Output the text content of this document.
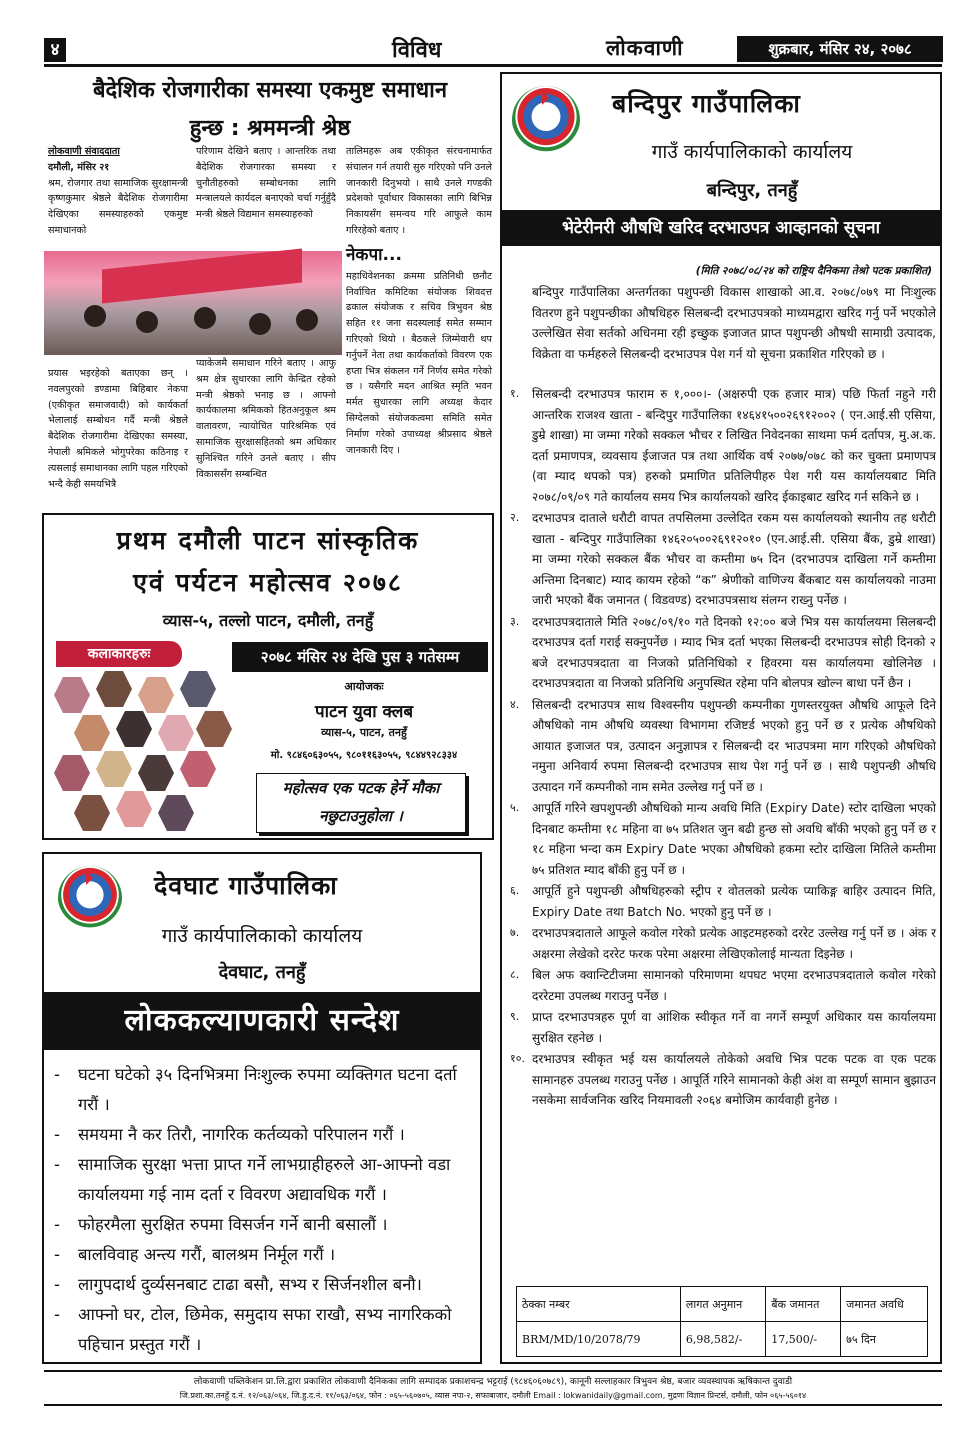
४	विविध	लोकवाणी	शुक्रबार, मंसिर २४, २०७८
बैदेशिक रोजगारीका समस्या एकमुष्ट समाधान
हुन्छ : श्रममन्त्री श्रेष्ठ
लोकवाणी संवाददाता
दमौली, मंसिर २१
श्रम, रोजगार तथा सामाजिक सुरक्षामन्त्री कृष्णकुमार श्रेष्ठले बैदेशिक रोजगारीमा देखिएका समस्याहरुको एकमुष्ट समाधानको
परिणाम देखिने बताए । आन्तरिक तथा बैदेशिक रोजगारका समस्या र चुनौतीहरुको सम्बोधनका लागि मन्त्रालयले कार्यदल बनाएको चर्चा गर्नुहुँदै मन्त्री श्रेष्ठले विद्यमान समस्याहरुको
तालिमहरू अब एकीकृत संरचनामार्फत संचालन गर्न तयारी सुरु गरिएको पनि उनले जानकारी दिनुभयो । साथै उनले गण्डकी प्रदेशको पूर्वाधार विकासका लागि बिभिन्न निकायसँग समन्वय गरि आफुले काम गरिरहेको बताए ।
नेकपा...
महाधिवेशनका क्रममा प्रतिनिधी छनौट निर्वाचित कमिटिका संयोजक शिवदत्त ढकाल संयोजक र सचिव त्रिभुवन श्रेष्ठ सहित ११ जना सदस्यलाई समेत सम्मान गरिएको थियो । बैठकले जिम्मेवारी थप गर्नुपर्ने नेता तथा कार्यकर्ताको विवरण एक हप्ता भित्र संकलन गर्ने निर्णय समेत गरेको छ । यसैगरि मदन आश्रित स्मृति भवन मर्मत सुधारका लागि अध्यक्ष केदार सिग्देलको संयोजकत्वमा समिति समेत निर्माण गरेको उपाध्यक्ष श्रीप्रसाद श्रेष्ठले जानकारी दिए ।
प्रयास भइरहेको बताएका छन् । नवलपुरको डण्डामा बिहिबार नेकपा (एकीकृत समाजवादी) को कार्यकर्ता भेलालाई सम्बोधन गर्दै मन्त्री श्रेष्ठले बैदेशिक रोजगारीमा देखिएका समस्या, नेपाली श्रमिकले भोगुपरेका कठिनाइ र त्यसलाई समाधानका लागि पहल गरिएको भन्दै केही समयभित्रै
प्याकेजमै समाधान गरिने बताए । आफु श्रम क्षेत्र सुधारका लागि केन्द्रित रहेको मन्त्री श्रेष्ठको भनाइ छ । आफ्नो कार्यकालमा श्रमिकको हितअनुकूल श्रम वातावरण, न्यायोचित पारिश्रमिक एवं सामाजिक सुरक्षासहितको श्रम अधिकार सुनिश्चित गरिने उनले बताए । सीप विकाससँग सम्बन्धित
प्रथम दमौली पाटन सांस्कृतिक
एवं पर्यटन महोत्सव २०७८
व्यास-५, तल्लो पाटन, दमौली, तनहुँ
कलाकारहरुः	२०७८ मंसिर २४ देखि पुस ३ गतेसम्म
आयोजकः
पाटन युवा क्लब
व्यास-५, पाटन, तनहुँ
मो. ९८४६०६३०५५, ९८०११६३०५५, ९८४४९२८३३४
महोत्सव एक पटक हेर्ने मौका
नछुटाउनुहोला ।
देवघाट गाउँपालिका
गाउँ कार्यपालिकाको कार्यालय
देवघाट, तनहुँ
लोककल्याणकारी सन्देश
- घटना घटेको ३५ दिनभित्रमा निःशुल्क रुपमा व्यक्तिगत घटना दर्ता गरौं ।
- समयमा नै कर तिरौ, नागरिक कर्तव्यको परिपालन गरौं ।
- सामाजिक सुरक्षा भत्ता प्राप्त गर्ने लाभग्राहीहरुले आ-आफ्नो वडा कार्यालयमा गई नाम दर्ता र विवरण अद्यावधिक गरौं ।
- फोहरमैला सुरक्षित रुपमा विसर्जन गर्ने बानी बसालौं ।
- बालविवाह अन्त्य गरौं, बालश्रम निर्मूल गरौं ।
- लागुपदार्थ दुर्व्यसनबाट टाढा बसौ, सभ्य र सिर्जनशील बनौ।
- आफ्नो घर, टोल, छिमेक, समुदाय सफा राखौ, सभ्य नागरिकको पहिचान प्रस्तुत गरौं ।
बन्दिपुर गाउँपालिका
गाउँ कार्यपालिकाको कार्यालय
बन्दिपुर, तनहुँ
भेटेरीनरी औषधि खरिद दरभाउपत्र आव्हानको सूचना
(मिति २०७८/०८/२४ को राष्ट्रिय दैनिकमा तेश्रो पटक प्रकाशित)
बन्दिपुर गाउँपालिका अन्तर्गतका पशुपन्छी विकास शाखाको आ.व. २०७८/०७९ मा निःशुल्क वितरण हुने पशुपन्छीका औषधिहरु सिलबन्दी दरभाउपत्रको माध्यमद्वारा खरिद गर्नु पर्ने भएकोले उल्लेखित सेवा सर्तको अधिनमा रही इच्छुक इजाजत प्राप्त पशुपन्छी औषधी सामाग्री उत्पादक, विक्रेता वा फर्महरुले सिलबन्दी दरभाउपत्र पेश गर्न यो सूचना प्रकाशित गरिएको छ ।
१. सिलबन्दी दरभाउपत्र फाराम रु १,०००।- (अक्षरुपी एक हजार मात्र) पछि फिर्ता नहुने गरी आन्तरिक राजश्व खाता - बन्दिपुर गाउँपालिका १४६४१५००२६९१२००२ ( एन.आई.सी एसिया, डुम्रे शाखा) मा जम्मा गरेको सक्कल भौचर र लिखित निवेदनका साथमा फर्म दर्तापत्र, मु.अ.क. दर्ता प्रमाणपत्र, व्यवसाय ईजाजत पत्र तथा आर्थिक वर्ष २०७७/०७८ को कर चुक्ता प्रमाणपत्र (वा म्याद थपको पत्र) हरुको प्रमाणित प्रतिलिपीहरु पेश गरी यस कार्यालयबाट मिति २०७८/०९/०९ गते कार्यालय समय भित्र कार्यालयको खरिद ईकाइबाट खरिद गर्न सकिने छ ।
२. दरभाउपत्र दाताले धरौटी वापत तपसिलमा उल्लेदित रकम यस कार्यालयको स्थानीय तह धरौटी खाता - बन्दिपुर गाउँपालिका १४६२०५००२६९१२०१० (एन.आई.सी. एसिया बैंक, डुम्रे शाखा) मा जम्मा गरेको सक्कल बैंक भौचर वा कम्तीमा ७५ दिन (दरभाउपत्र दाखिला गर्ने कम्तीमा अन्तिमा दिनबाट) म्याद कायम रहेको “क” श्रेणीको वाणिज्य बैंकबाट यस कार्यालयको नाउमा जारी भएको बैंक जमानत ( विडवण्ड) दरभाउपत्रसाथ संलग्न राख्नु पर्नेछ ।
३. दरभाउपत्रदाताले मिति २०७८/०९/१० गते दिनको १२:०० बजे भित्र यस कार्यालयमा सिलबन्दी दरभाउपत्र दर्ता गराई सक्नुपर्नेछ । म्याद भित्र दर्ता भएका सिलबन्दी दरभाउपत्र सोही दिनको २ बजे दरभाउपत्रदाता वा निजको प्रतिनिधिको र हिवरमा यस कार्यालयमा खोलिनेछ । दरभाउपत्रदाता वा निजको प्रतिनिधि अनुपस्थित रहेमा पनि बोलपत्र खोल्न बाधा पर्ने छैन ।
४. सिलबन्दी दरभाउपत्र साथ विश्वस्नीय पशुपन्छी कम्पनीका गुणस्तरयुक्त औषधि आफूले दिने औषधिको नाम औषधि व्यवस्था विभागमा रजिष्टर्ड भएको हुनु पर्ने छ र प्रत्येक औषधिको आयात इजाजत पत्र, उत्पादन अनुज्ञापत्र र सिलबन्दी दर भाउपत्रमा माग गरिएको औषधिको नमुना अनिवार्य रुपमा सिलबन्दी दरभाउपत्र साथ पेश गर्नु पर्ने छ । साथै पशुपन्छी औषधि उत्पादन गर्ने कम्पनीको नाम समेत उल्लेख गर्नु पर्ने छ ।
५. आपूर्ति गरिने खपशुपन्छी औषधिको मान्य अवधि मिति (Expiry Date) स्टोर दाखिला भएको दिनबाट कम्तीमा १८ महिना वा ७५ प्रतिशत जुन बढी हुन्छ सो अवधि बाँकी भएको हुनु पर्ने छ र १८ महिना भन्दा कम Expiry Date भएका औषधिको हकमा स्टोर दाखिला मितिले कम्तीमा ७५ प्रतिशत म्याद बाँकी हुनु पर्ने छ ।
६. आपूर्ति हुने पशुपन्छी औषधिहरुको स्ट्रीप र वोतलको प्रत्येक प्याकिङ्ग बाहिर उत्पादन मिति, Expiry Date तथा Batch No. भएको हुनु पर्ने छ ।
७. दरभाउपत्रदाताले आफूले कवोल गरेको प्रत्येक आइटमहरुको दररेट उल्लेख गर्नु पर्ने छ । अंक र अक्षरमा लेखेको दररेट फरक परेमा अक्षरमा लेखिएकोलाई मान्यता दिइनेछ ।
८. बिल अफ क्वान्टिटीजमा सामानको परिमाणमा थपघट भएमा दरभाउपत्रदाताले कवोल गरेको दररेटमा उपलब्ध गराउनु पर्नेछ ।
९. प्राप्त दरभाउपत्रहरु पूर्ण वा आंशिक स्वीकृत गर्ने वा नगर्ने सम्पूर्ण अधिकार यस कार्यालयमा सुरक्षित रहनेछ ।
१०. दरभाउपत्र स्वीकृत भई यस कार्यालयले तोकेको अवधि भित्र पटक पटक वा एक पटक सामानहरु उपलब्ध गराउनु पर्नेछ । आपूर्ति गरिने सामानको केही अंश वा सम्पूर्ण सामान बुझाउन नसकेमा सार्वजनिक खरिद नियमावली २०६४ बमोजिम कार्यवाही हुनेछ ।
ठेक्का नम्बर	लागत अनुमान	बैंक जमानत	जमानत अवधि
BRM/MD/10/2078/79	6,98,582/-	17,500/-	७५ दिन
लोकवाणी पब्लिकेशन प्रा.लि.द्वारा प्रकाशित लोकवाणी दैनिकका लागि सम्पादक प्रकाशचन्द्र भट्टराई (९८४६०६०७८९), कानूनी सल्लाहकार त्रिभुवन श्रेष्ठ, बजार व्यवस्थापक ऋषिकान्त दुवाडी
जि.प्रशा.का.तनहुँ द.नं. १२/०६३/०६४, जि.हु.द.नं. ११/०६३/०६४, फोन : ०६५-५६०७०५, व्यास नपा-२, सफाबाजार, दमौली Email : lokwanidaily@gmail.com, मुद्रणः विज्ञान प्रिन्टर्स, दमौली, फोन ०६५-५६०१४
